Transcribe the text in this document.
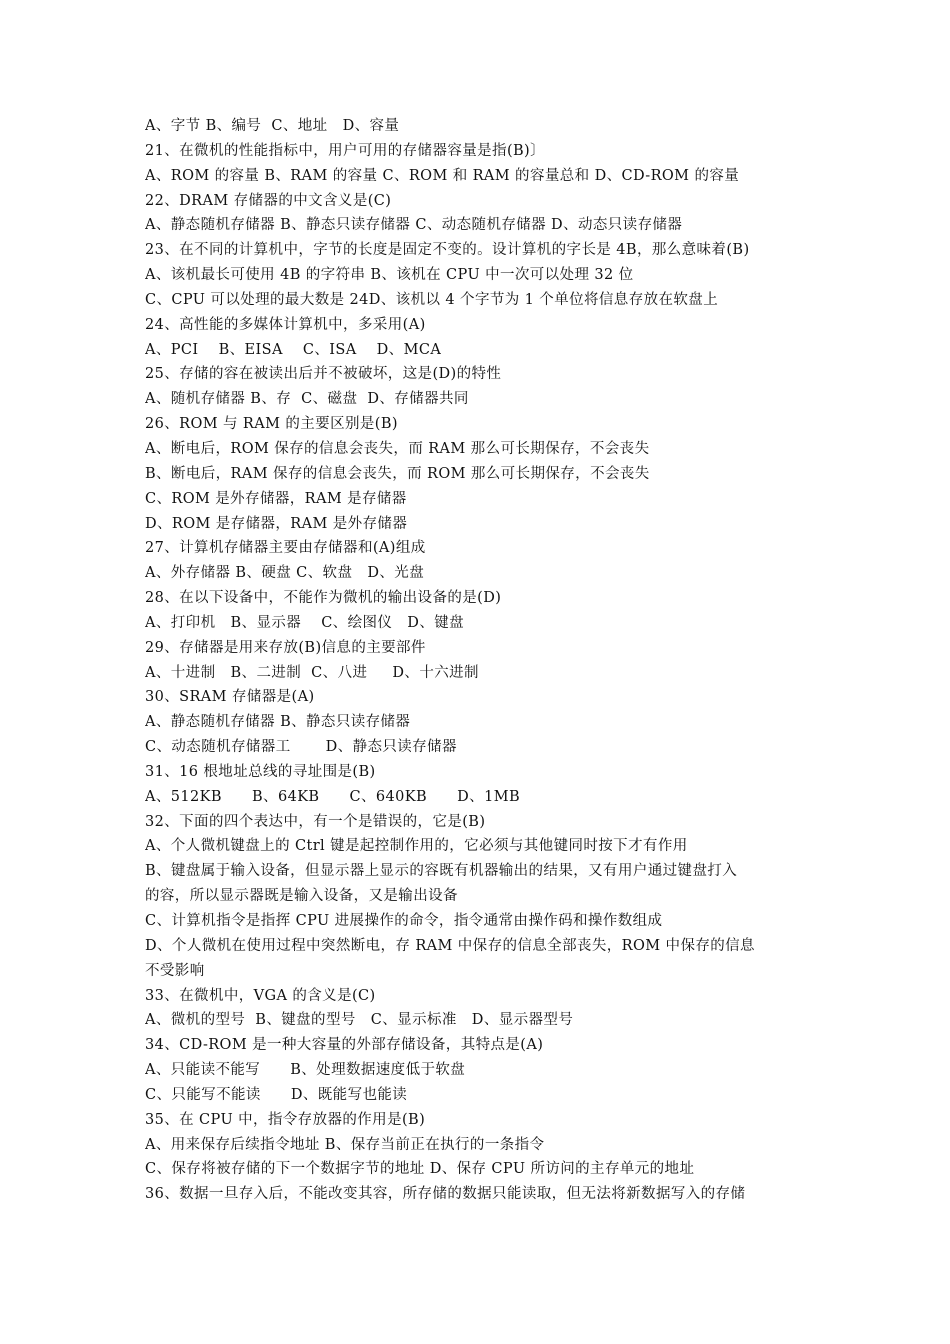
A、字节 B、编号  C、地址   D、容量
21、在微机的性能指标中，用户可用的存储器容量是指(B)〕
A、ROM 的容量 B、RAM 的容量 C、ROM 和 RAM 的容量总和 D、CD-ROM 的容量
22、DRAM 存储器的中文含义是(C)
A、静态随机存储器 B、静态只读存储器 C、动态随机存储器 D、动态只读存储器
23、在不同的计算机中，字节的长度是固定不变的。设计算机的字长是 4B，那么意味着(B)
A、该机最长可使用 4B 的字符串 B、该机在 CPU 中一次可以处理 32 位
C、CPU 可以处理的最大数是 24D、该机以 4 个字节为 1 个单位将信息存放在软盘上
24、高性能的多媒体计算机中，多采用(A)
A、PCI    B、EISA    C、ISA    D、MCA
25、存储的容在被读出后并不被破坏，这是(D)的特性
A、随机存储器 B、存  C、磁盘  D、存储器共同
26、ROM 与 RAM 的主要区别是(B)
A、断电后，ROM 保存的信息会丧失，而 RAM 那么可长期保存，不会丧失
B、断电后，RAM 保存的信息会丧失，而 ROM 那么可长期保存，不会丧失
C、ROM 是外存储器，RAM 是存储器
D、ROM 是存储器，RAM 是外存储器
27、计算机存储器主要由存储器和(A)组成
A、外存储器 B、硬盘 C、软盘   D、光盘
28、在以下设备中，不能作为微机的输出设备的是(D)
A、打印机   B、显示器    C、绘图仪   D、键盘
29、存储器是用来存放(B)信息的主要部件
A、十进制   B、二进制  C、八进     D、十六进制
30、SRAM 存储器是(A)
A、静态随机存储器 B、静态只读存储器
C、动态随机存储器工       D、静态只读存储器
31、16 根地址总线的寻址围是(B)
A、512KB      B、64KB      C、640KB      D、1MB
32、下面的四个表达中，有一个是错误的，它是(B)
A、个人微机键盘上的 Ctrl 键是起控制作用的，它必须与其他键同时按下才有作用
B、键盘属于输入设备，但显示器上显示的容既有机器输出的结果，又有用户通过键盘打入
的容，所以显示器既是输入设备，又是输出设备
C、计算机指令是指挥 CPU 进展操作的命令，指令通常由操作码和操作数组成
D、个人微机在使用过程中突然断电，存 RAM 中保存的信息全部丧失，ROM 中保存的信息
不受影响
33、在微机中，VGA 的含义是(C)
A、微机的型号  B、键盘的型号   C、显示标准   D、显示器型号
34、CD-ROM 是一种大容量的外部存储设备，其特点是(A)
A、只能读不能写      B、处理数据速度低于软盘
C、只能写不能读      D、既能写也能读
35、在 CPU 中，指令存放器的作用是(B)
A、用来保存后续指令地址 B、保存当前正在执行的一条指令
C、保存将被存储的下一个数据字节的地址 D、保存 CPU 所访问的主存单元的地址
36、数据一旦存入后，不能改变其容，所存储的数据只能读取，但无法将新数据写入的存储
